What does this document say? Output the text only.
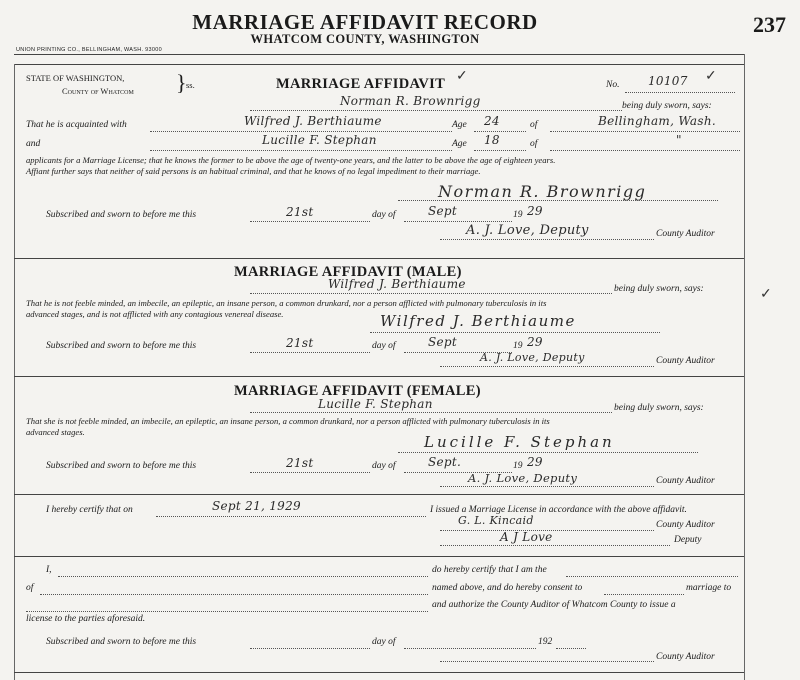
MARRIAGE AFFIDAVIT RECORD
WHATCOM COUNTY, WASHINGTON
237
UNION PRINTING CO., BELLINGHAM, WASH. 93000
STATE OF WASHINGTON,
County of Whatcom } ss.	MARRIAGE AFFIDAVIT ✓
No. 10107 ✓
Norman R. Brownrigg	being duly sworn, says:
That he is acquainted with	Wilfred J. Berthiaume	Age 24	of	Bellingham, Wash.
and	Lucille F. Stephan	Age 18	of	"
applicants for a Marriage License; that he knows the former to be above the age of twenty-one years, and the latter to be above the age of eighteen years.
Affiant further says that neither of said persons is an habitual criminal, and that he knows of no legal impediment to their marriage.
Norman R. Brownrigg
Subscribed and sworn to before me this	21st	day of	Sept	19 29
A. J. Love, Deputy	County Auditor
MARRIAGE AFFIDAVIT (MALE)
Wilfred J. Berthiaume	being duly sworn, says:	✓
That he is not feeble minded, an imbecile, an epileptic, an insane person, a common drunkard, nor a person afflicted with pulmonary tuberculosis in its
advanced stages, and is not afflicted with any contagious venereal disease.	Wilfred J. Berthiaume
Subscribed and sworn to before me this	21st	day of	Sept	19 29
A. J. Love, Deputy	County Auditor
MARRIAGE AFFIDAVIT (FEMALE)
Lucille F. Stephan	being duly sworn, says:
That she is not feeble minded, an imbecile, an epileptic, an insane person, a common drunkard, nor a person afflicted with pulmonary tuberculosis in its
advanced stages.
Lucille F. Stephan
Subscribed and sworn to before me this	21st	day of	Sept.	19 29
A. J. Love, Deputy	County Auditor
I hereby certify that on	Sept 21, 1929	I issued a Marriage License in accordance with the above affidavit.
G. L. Kincaid	County Auditor
A J Love	Deputy
I,	do hereby certify that I am the
of	named above, and do hereby consent to	marriage to
and authorize the County Auditor of Whatcom County to issue a
license to the parties aforesaid.
Subscribed and sworn to before me this	day of	192
County Auditor
